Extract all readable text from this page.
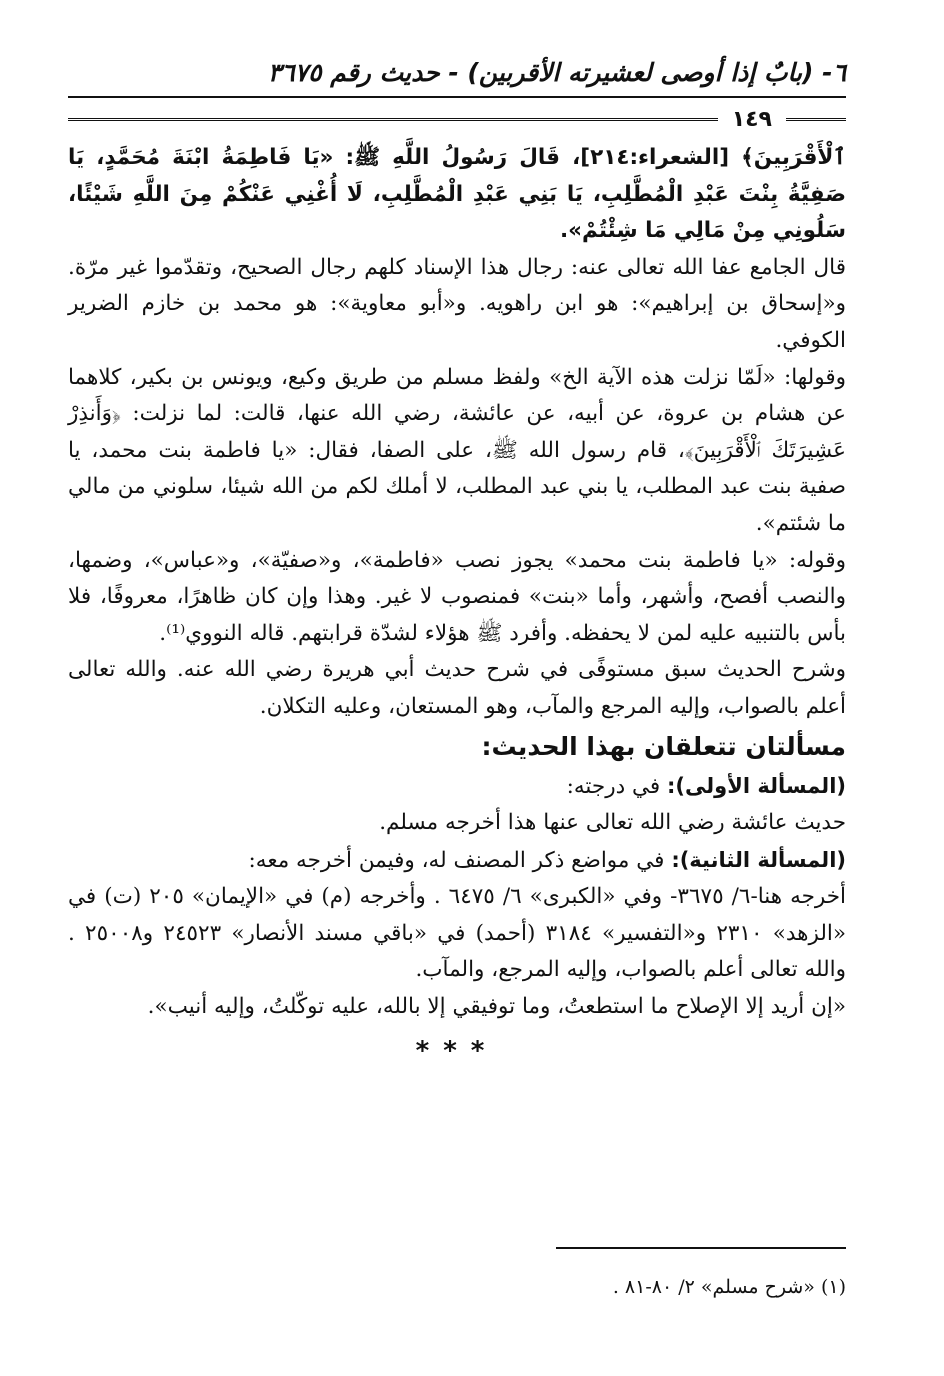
٦- (بابٌ إذا أوصى لعشيرته الأقربين) - حديث رقم ٣٦٧٥
١٤٩

ٱلْأَقْرَبِينَ﴾ [الشعراء:٢١٤]، قَالَ رَسُولُ اللَّهِ ﷺ: «يَا فَاطِمَةُ ابْنَةَ مُحَمَّدٍ، يَا صَفِيَّةُ بِنْتَ عَبْدِ الْمُطَّلِبِ، يَا بَنِي عَبْدِ الْمُطَّلِبِ، لَا أُغْنِي عَنْكُمْ مِنَ اللَّهِ شَيْئًا، سَلُونِي مِنْ مَالِي مَا شِئْتُمْ».

قال الجامع عفا الله تعالى عنه: رجال هذا الإسناد كلهم رجال الصحيح، وتقدّموا غير مرّة. و«إسحاق بن إبراهيم»: هو ابن راهويه. و«أبو معاوية»: هو محمد بن خازم الضرير الكوفي.

وقولها: «لَمّا نزلت هذه الآية الخ» ولفظ مسلم من طريق وكيع، ويونس بن بكير، كلاهما عن هشام بن عروة، عن أبيه، عن عائشة، رضي الله عنها، قالت: لما نزلت: ﴿وَأَنذِرْ عَشِيرَتَكَ ٱلْأَقْرَبِينَ﴾، قام رسول الله ﷺ، على الصفا، فقال: «يا فاطمة بنت محمد، يا صفية بنت عبد المطلب، يا بني عبد المطلب، لا أملك لكم من الله شيئا، سلوني من مالي ما شئتم».

وقوله: «يا فاطمة بنت محمد» يجوز نصب «فاطمة»، و«صفيّة»، و«عباس»، وضمها، والنصب أفصح، وأشهر، وأما «بنت» فمنصوب لا غير. وهذا وإن كان ظاهرًا، معروفًا، فلا بأس بالتنبيه عليه لمن لا يحفظه. وأفرد ﷺ هؤلاء لشدّة قرابتهم. قاله النووي⁽¹⁾.

وشرح الحديث سبق مستوفًى في شرح حديث أبي هريرة رضي الله عنه. والله تعالى أعلم بالصواب، وإليه المرجع والمآب، وهو المستعان، وعليه التكلان.

مسألتان تتعلقان بهذا الحديث:

(المسألة الأولى): في درجته:

حديث عائشة رضي الله تعالى عنها هذا أخرجه مسلم.

(المسألة الثانية): في مواضع ذكر المصنف له، وفيمن أخرجه معه:

أخرجه هنا-٦/ ٣٦٧٥- وفي «الكبرى» ٦/ ٦٤٧٥ . وأخرجه (م) في «الإيمان» ٢٠٥ (ت) في «الزهد» ٢٣١٠ و«التفسير» ٣١٨٤ (أحمد) في «باقي مسند الأنصار» ٢٤٥٢٣ و٢٥٠٠٨ . والله تعالى أعلم بالصواب، وإليه المرجع، والمآب.

«إن أريد إلا الإصلاح ما استطعتُ، وما توفيقي إلا بالله، عليه توكّلتُ، وإليه أنيب».

***

(١) «شرح مسلم» ٢/ ٨٠-٨١ .
